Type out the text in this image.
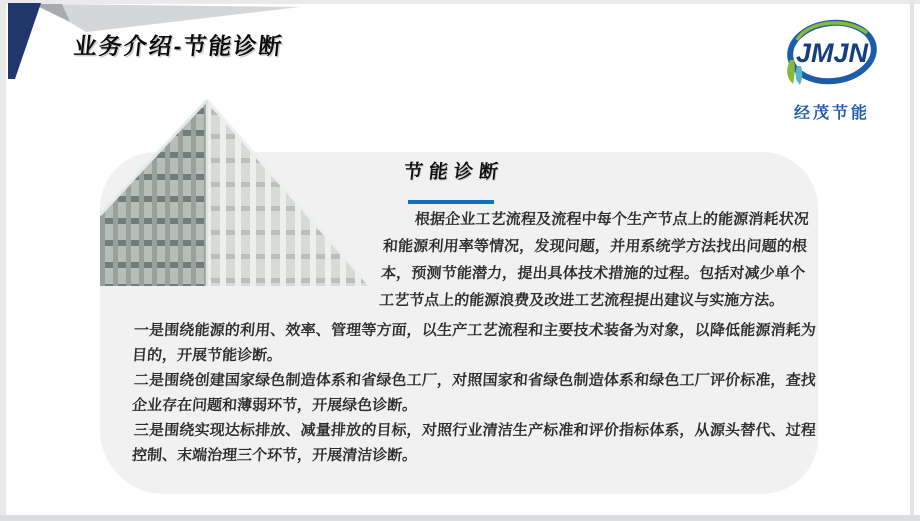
业务介绍-节能诊断	JMJN
经茂节能
节能诊断
根据企业工艺流程及流程中每个生产节点上的能源消耗状况和能源利用率等情况，发现问题，并用系统学方法找出问题的根本，预测节能潜力，提出具体技术措施的过程。包括对减少单个工艺节点上的能源浪费及改进工艺流程提出建议与实施方法。

一是围绕能源的利用、效率、管理等方面，以生产工艺流程和主要技术装备为对象，以降低能源消耗为目的，开展节能诊断。

二是围绕创建国家绿色制造体系和省绿色工厂，对照国家和省绿色制造体系和绿色工厂评价标准，查找企业存在问题和薄弱环节，开展绿色诊断。

三是围绕实现达标排放、减量排放的目标，对照行业清洁生产标准和评价指标体系，从源头替代、过程控制、末端治理三个环节，开展清洁诊断。
